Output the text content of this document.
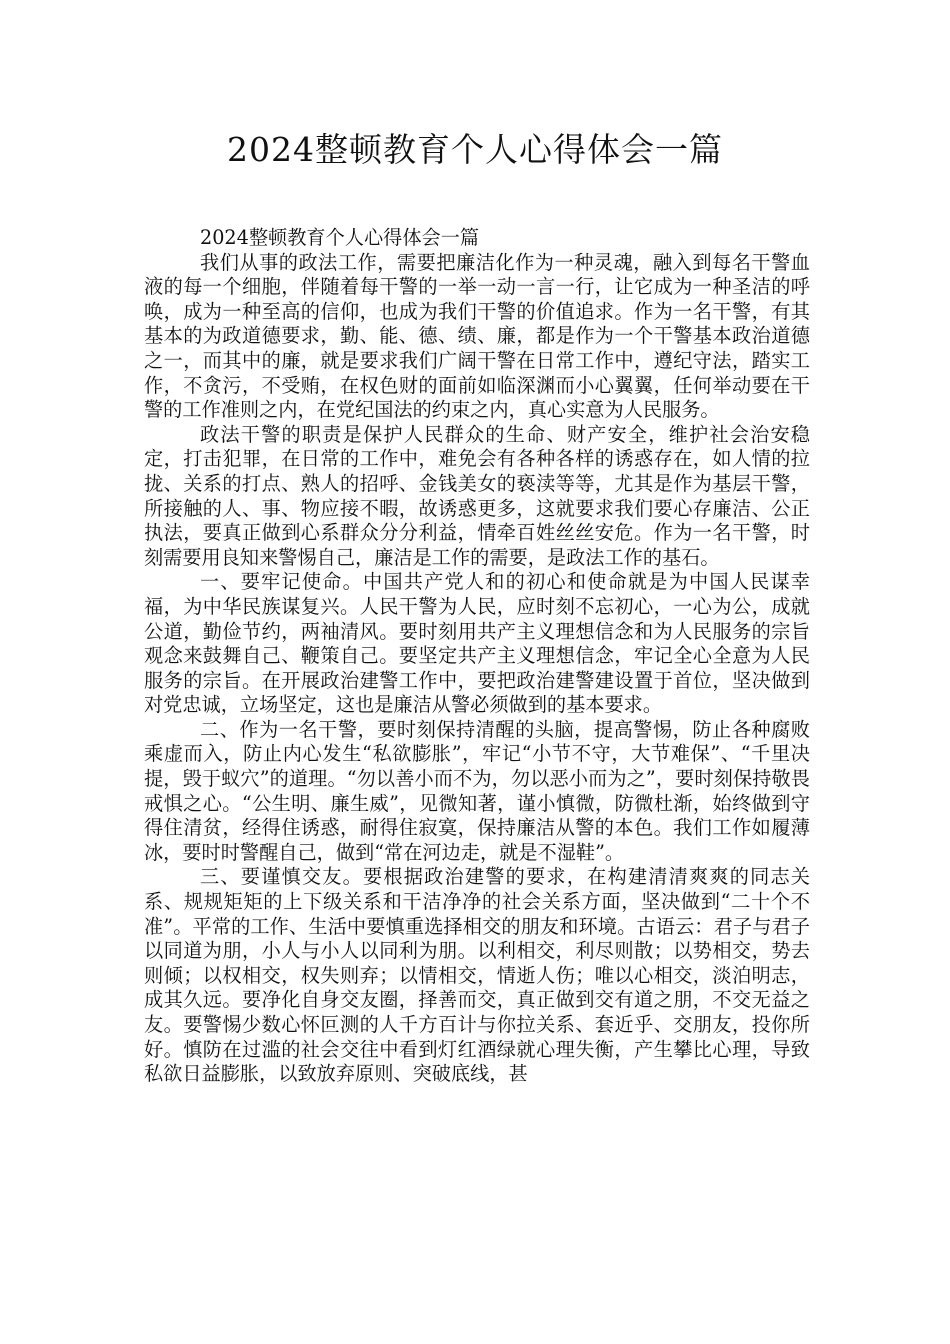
2024整顿教育个人心得体会一篇

2024整顿教育个人心得体会一篇

我们从事的政法工作，需要把廉洁化作为一种灵魂，融入到每名干警血液的每一个细胞，伴随着每干警的一举一动一言一行，让它成为一种圣洁的呼唤，成为一种至高的信仰，也成为我们干警的价值追求。作为一名干警，有其基本的为政道德要求，勤、能、德、绩、廉，都是作为一个干警基本政治道德之一，而其中的廉，就是要求我们广阔干警在日常工作中，遵纪守法，踏实工作，不贪污，不受贿，在权色财的面前如临深渊而小心翼翼，任何举动要在干警的工作准则之内，在党纪国法的约束之内，真心实意为人民服务。

政法干警的职责是保护人民群众的生命、财产安全，维护社会治安稳定，打击犯罪，在日常的工作中，难免会有各种各样的诱惑存在，如人情的拉拢、关系的打点、熟人的招呼、金钱美女的亵渎等等，尤其是作为基层干警，所接触的人、事、物应接不暇，故诱惑更多，这就要求我们要心存廉洁、公正执法，要真正做到心系群众分分利益，情牵百姓丝丝安危。作为一名干警，时刻需要用良知来警惕自己，廉洁是工作的需要，是政法工作的基石。

一、要牢记使命。中国共产党人和的初心和使命就是为中国人民谋幸福，为中华民族谋复兴。人民干警为人民，应时刻不忘初心，一心为公，成就公道，勤俭节约，两袖清风。要时刻用共产主义理想信念和为人民服务的宗旨观念来鼓舞自己、鞭策自己。要坚定共产主义理想信念，牢记全心全意为人民服务的宗旨。在开展政治建警工作中，要把政治建警建设置于首位，坚决做到对党忠诚，立场坚定，这也是廉洁从警必须做到的基本要求。

二、作为一名干警，要时刻保持清醒的头脑，提高警惕，防止各种腐败乘虚而入，防止内心发生“私欲膨胀”，牢记“小节不守，大节难保”、“千里决提，毁于蚁穴”的道理。“勿以善小而不为，勿以恶小而为之”，要时刻保持敬畏戒惧之心。“公生明、廉生威”，见微知著，谨小慎微，防微杜渐，始终做到守得住清贫，经得住诱惑，耐得住寂寞，保持廉洁从警的本色。我们工作如履薄冰，要时时警醒自己，做到“常在河边走，就是不湿鞋”。

三、要谨慎交友。要根据政治建警的要求，在构建清清爽爽的同志关系、规规矩矩的上下级关系和干洁净净的社会关系方面，坚决做到“二十个不准”。平常的工作、生活中要慎重选择相交的朋友和环境。古语云：君子与君子以同道为朋，小人与小人以同利为朋。以利相交，利尽则散；以势相交，势去则倾；以权相交，权失则弃；以情相交，情逝人伤；唯以心相交，淡泊明志，成其久远。要净化自身交友圈，择善而交，真正做到交有道之朋，不交无益之友。要警惕少数心怀叵测的人千方百计与你拉关系、套近乎、交朋友，投你所好。慎防在过滥的社会交往中看到灯红酒绿就心理失衡，产生攀比心理，导致私欲日益膨胀，以致放弃原则、突破底线，甚
